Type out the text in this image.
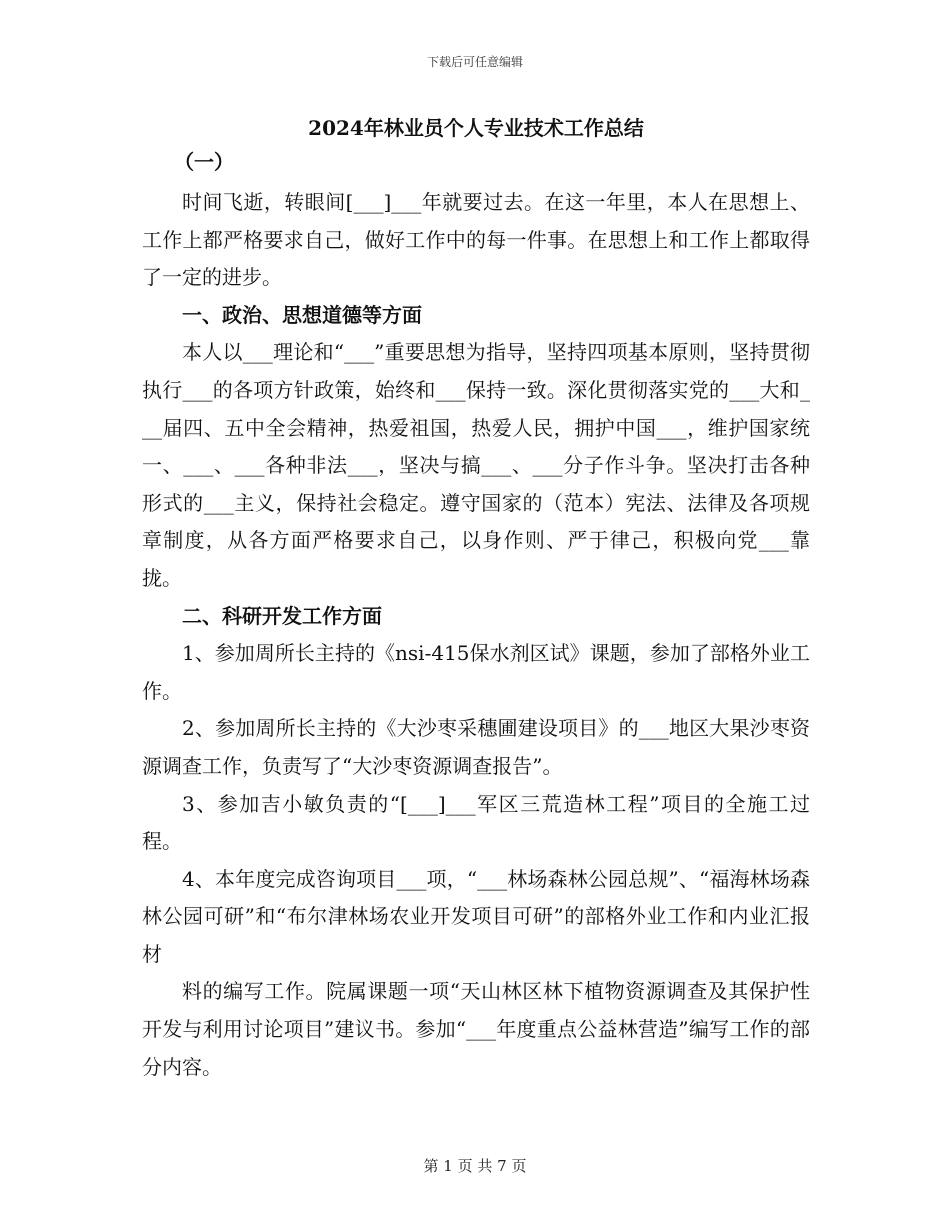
下载后可任意编辑
2024年林业员个人专业技术工作总结

（一）

时间飞逝，转眼间[___]___年就要过去。在这一年里，本人在思想上、工作上都严格要求自己，做好工作中的每一件事。在思想上和工作上都取得了一定的进步。

一、政治、思想道德等方面

本人以___理论和“___”重要思想为指导，坚持四项基本原则，坚持贯彻执行___的各项方针政策，始终和___保持一致。深化贯彻落实党的___大和___届四、五中全会精神，热爱祖国，热爱人民，拥护中国___，维护国家统一、___、___各种非法___，坚决与搞___、___分子作斗争。坚决打击各种形式的___主义，保持社会稳定。遵守国家的（范本）宪法、法律及各项规章制度，从各方面严格要求自己，以身作则、严于律己，积极向党___靠拢。

二、科研开发工作方面

1、参加周所长主持的《nsi-415保水剂区试》课题，参加了部格外业工作。

2、参加周所长主持的《大沙枣采穗圃建设项目》的___地区大果沙枣资源调查工作，负责写了“大沙枣资源调查报告”。

3、参加吉小敏负责的“[___]___军区三荒造林工程”项目的全施工过程。

4、本年度完成咨询项目___项，“___林场森林公园总规”、“福海林场森林公园可研”和“布尔津林场农业开发项目可研”的部格外业工作和内业汇报材

料的编写工作。院属课题一项“天山林区林下植物资源调查及其保护性开发与利用讨论项目”建议书。参加“___年度重点公益林营造”编写工作的部分内容。

第 1 页 共 7 页
